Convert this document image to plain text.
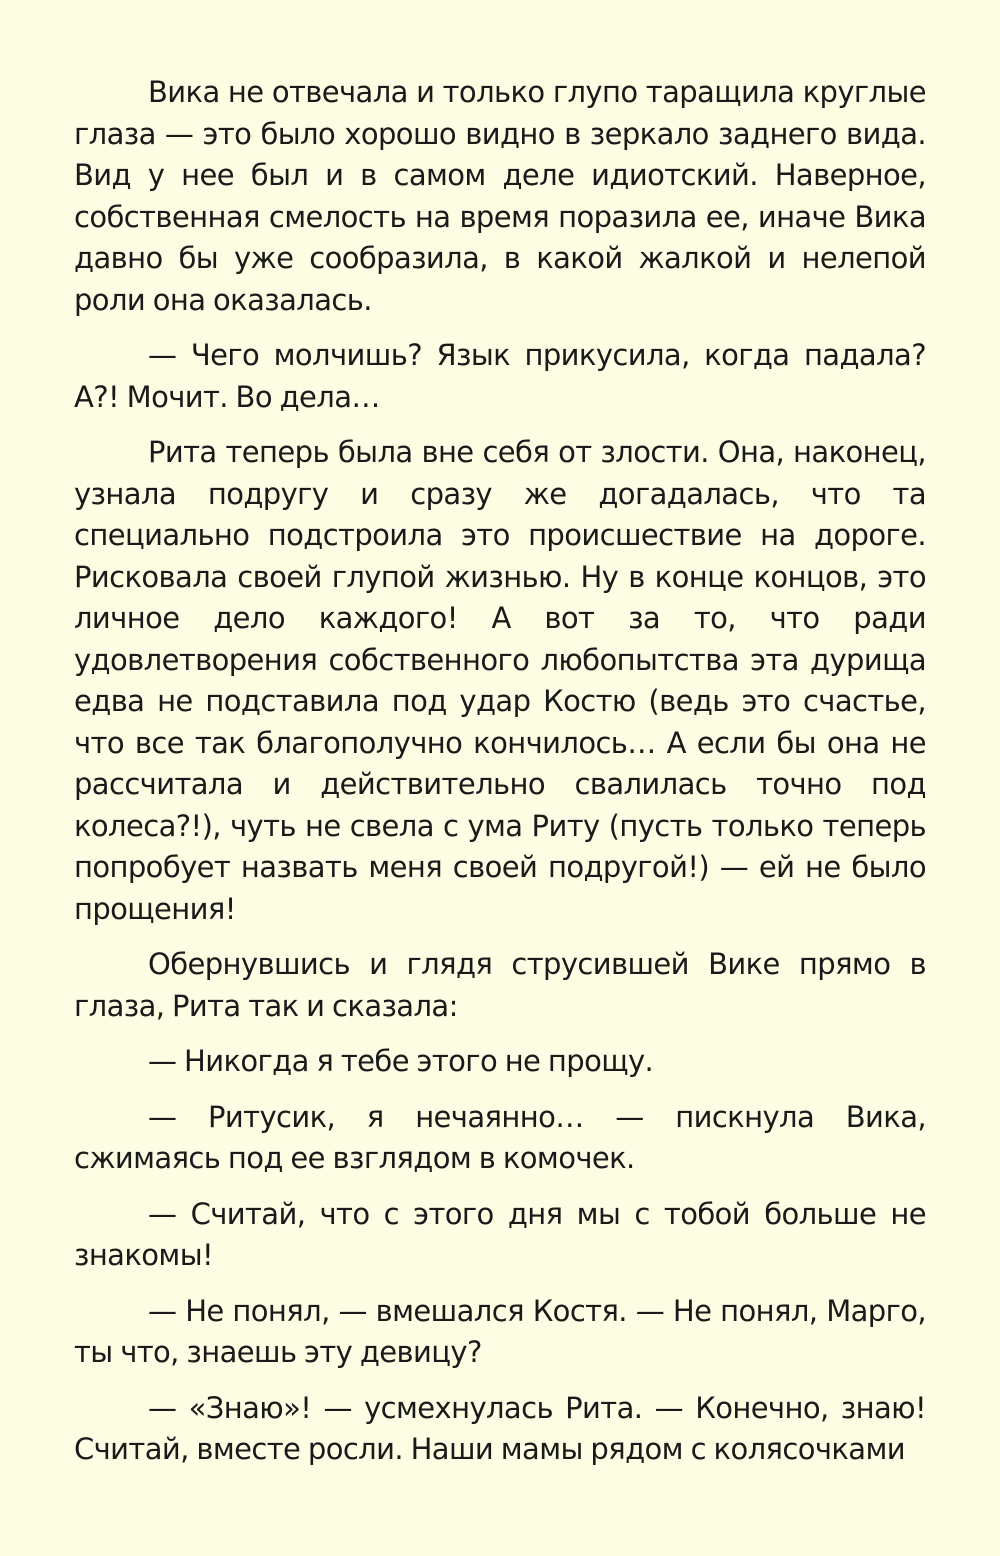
Вика не отвечала и только глупо таращила круглые глаза — это было хорошо видно в зеркало заднего вида. Вид у нее был и в самом деле идиотский. Наверное, собственная смелость на время поразила ее, иначе Вика давно бы уже сообразила, в какой жалкой и нелепой роли она оказалась.

— Чего молчишь? Язык прикусила, когда падала? А?! Мочит. Во дела…

Рита теперь была вне себя от злости. Она, наконец, узнала подругу и сразу же догадалась, что та специально подстроила это происшествие на дороге. Рисковала своей глупой жизнью. Ну в конце концов, это личное дело каждого! А вот за то, что ради удовлетворения собственного любопытства эта дурища едва не подставила под удар Костю (ведь это счастье, что все так благополучно кончилось… А если бы она не рассчитала и действительно свалилась точно под колеса?!), чуть не свела с ума Риту (пусть только теперь попробует назвать меня своей подругой!) — ей не было прощения!

Обернувшись и глядя струсившей Вике прямо в глаза, Рита так и сказала:

— Никогда я тебе этого не прощу.

— Ритусик, я нечаянно… — пискнула Вика, сжимаясь под ее взглядом в комочек.

— Считай, что с этого дня мы с тобой больше не знакомы!

— Не понял, — вмешался Костя. — Не понял, Марго, ты что, знаешь эту девицу?

— «Знаю»! — усмехнулась Рита. — Конечно, знаю! Считай, вместе росли. Наши мамы рядом с колясочками
